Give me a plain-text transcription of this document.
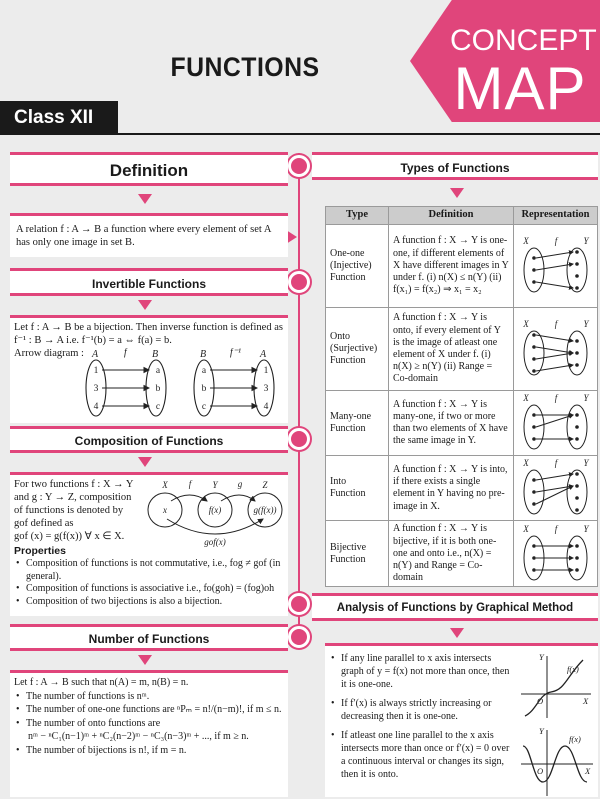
FUNCTIONS
CONCEPT
MAP
Class XII
Definition
A relation f : A → B a function where every element of set A has only one image in set B.
Invertible Functions
Let f : A → B be a bijection. Then inverse function is defined as
f⁻¹ : B → A i.e. f⁻¹(b) = a ⇔ f(a) = b.
Arrow diagram : A	f	B	B f⁻¹ A
1
3
4
a
b
c
a
b
c
1
3
4
Composition of Functions
For two functions f : X → Y
and g : Y → Z, composition
of functions is denoted by
gof defined as
gof (x) = g(f(x)) ∀ x ∈ X.
X	Y	Z
f	g
x	f(x)	g(f(x))
gof(x)
Properties
• Composition of functions is not commutative, i.e., fog ≠ gof (in general).
• Composition of functions is associative i.e., fo(goh) = (fog)oh
• Composition of two bijections is also a bijection.
Number of Functions
Let f : A → B such that n(A) = m, n(B) = n.
• The number of functions is nᵐ.
• The number of one-one functions are ⁿPₘ = n!/(n−m)!, if m ≤ n.
• The number of onto functions are
nᵐ − ⁿC₁(n−1)ᵐ + ⁿC₂(n−2)ᵐ − ⁿC₃(n−3)ᵐ + ..., if m ≥ n.
• The number of bijections is n!, if m = n.
Types of Functions
Type	Definition	Representation
One-one (Injective) Function	A function f : X → Y is one-one, if different elements of X have different images in Y under f. (i) n(X) ≤ n(Y) (ii) f(x₁) = f(x₂) ⇒ x₁ = x₂	X f Y

Onto (Surjective) Function	A function f : X → Y is onto, if every element of Y is the image of atleast one element of X under f. (i) n(X) ≥ n(Y) (ii) Range = Co-domain	X f Y

Many-one Function	A function f : X → Y is many-one, if two or more than two elements of X have the same image in Y.	X f Y

Into Function	A function f : X → Y is into, if there exists a single element in Y having no pre-image in X.	X f Y

Bijective Function	A function f : X → Y is bijective, if it is both one-one and onto i.e., n(X) = n(Y) and Range = Co-domain	X f Y
Analysis of Functions by Graphical Method
• If any line parallel to x axis intersects graph of y = f(x) not more than once, then it is one-one.
• If f′(x) is always strictly increasing or decreasing then it is one-one.
• If atleast one line parallel to the x axis intersects more than once or f′(x) = 0 over a continuous interval or changes its sign, then it is onto.
Y
X
O
f(x)
Y
X
O
f(x)
